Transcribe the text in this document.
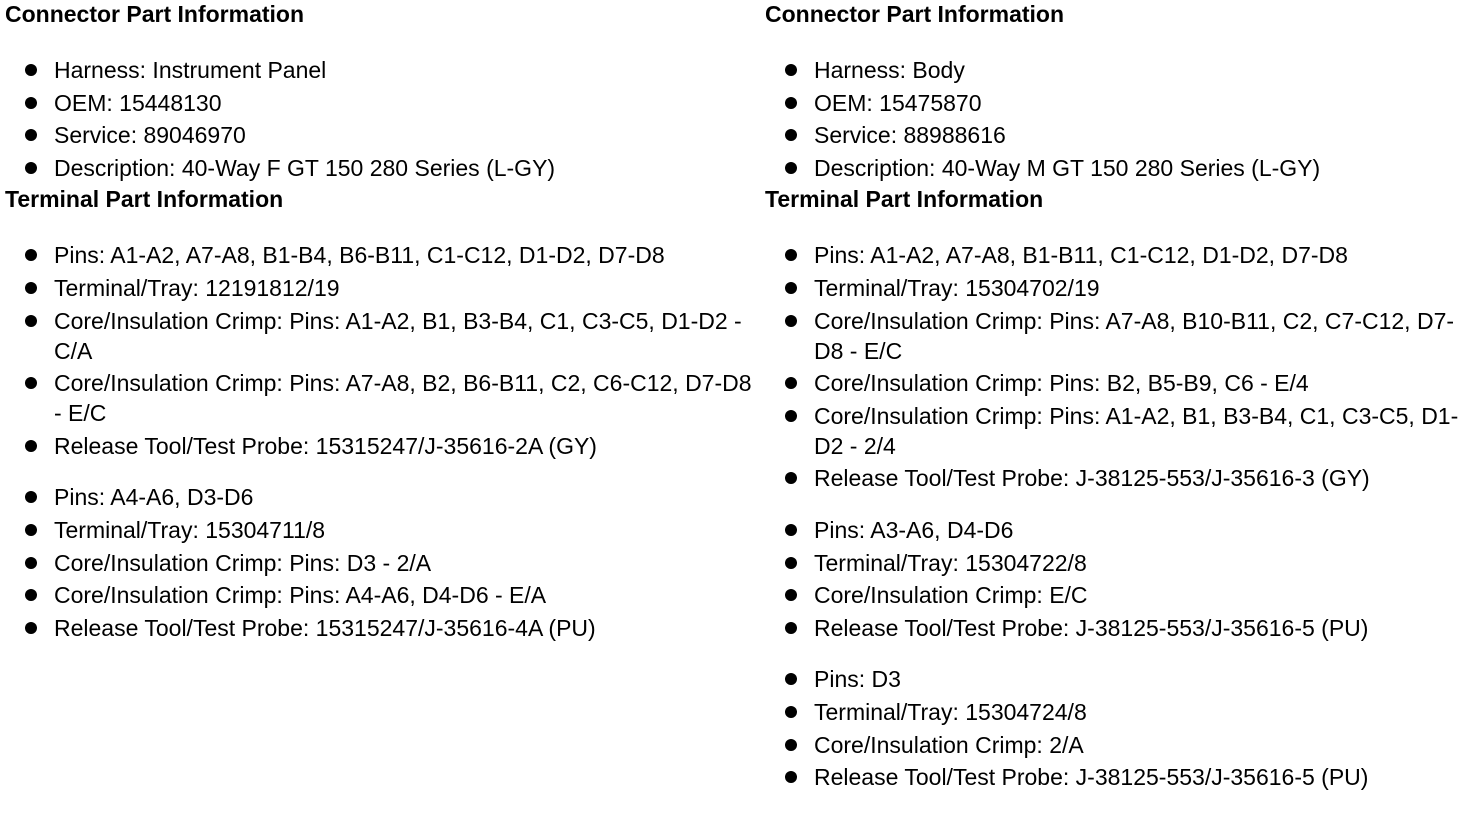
Connector Part Information
Harness: Instrument Panel
OEM: 15448130
Service: 89046970
Description: 40-Way F GT 150 280 Series (L-GY)
Terminal Part Information
Pins: A1-A2, A7-A8, B1-B4, B6-B11, C1-C12, D1-D2, D7-D8
Terminal/Tray: 12191812/19
Core/Insulation Crimp: Pins: A1-A2, B1, B3-B4, C1, C3-C5, D1-D2 - C/A
Core/Insulation Crimp: Pins: A7-A8, B2, B6-B11, C2, C6-C12, D7-D8 - E/C
Release Tool/Test Probe: 15315247/J-35616-2A (GY)
Pins: A4-A6, D3-D6
Terminal/Tray: 15304711/8
Core/Insulation Crimp: Pins: D3 - 2/A
Core/Insulation Crimp: Pins: A4-A6, D4-D6 - E/A
Release Tool/Test Probe: 15315247/J-35616-4A (PU)
Connector Part Information
Harness: Body
OEM: 15475870
Service: 88988616
Description: 40-Way M GT 150 280 Series (L-GY)
Terminal Part Information
Pins: A1-A2, A7-A8, B1-B11, C1-C12, D1-D2, D7-D8
Terminal/Tray: 15304702/19
Core/Insulation Crimp: Pins: A7-A8, B10-B11, C2, C7-C12, D7-D8 - E/C
Core/Insulation Crimp: Pins: B2, B5-B9, C6 - E/4
Core/Insulation Crimp: Pins: A1-A2, B1, B3-B4, C1, C3-C5, D1-D2 - 2/4
Release Tool/Test Probe: J-38125-553/J-35616-3 (GY)
Pins: A3-A6, D4-D6
Terminal/Tray: 15304722/8
Core/Insulation Crimp: E/C
Release Tool/Test Probe: J-38125-553/J-35616-5 (PU)
Pins: D3
Terminal/Tray: 15304724/8
Core/Insulation Crimp: 2/A
Release Tool/Test Probe: J-38125-553/J-35616-5 (PU)
